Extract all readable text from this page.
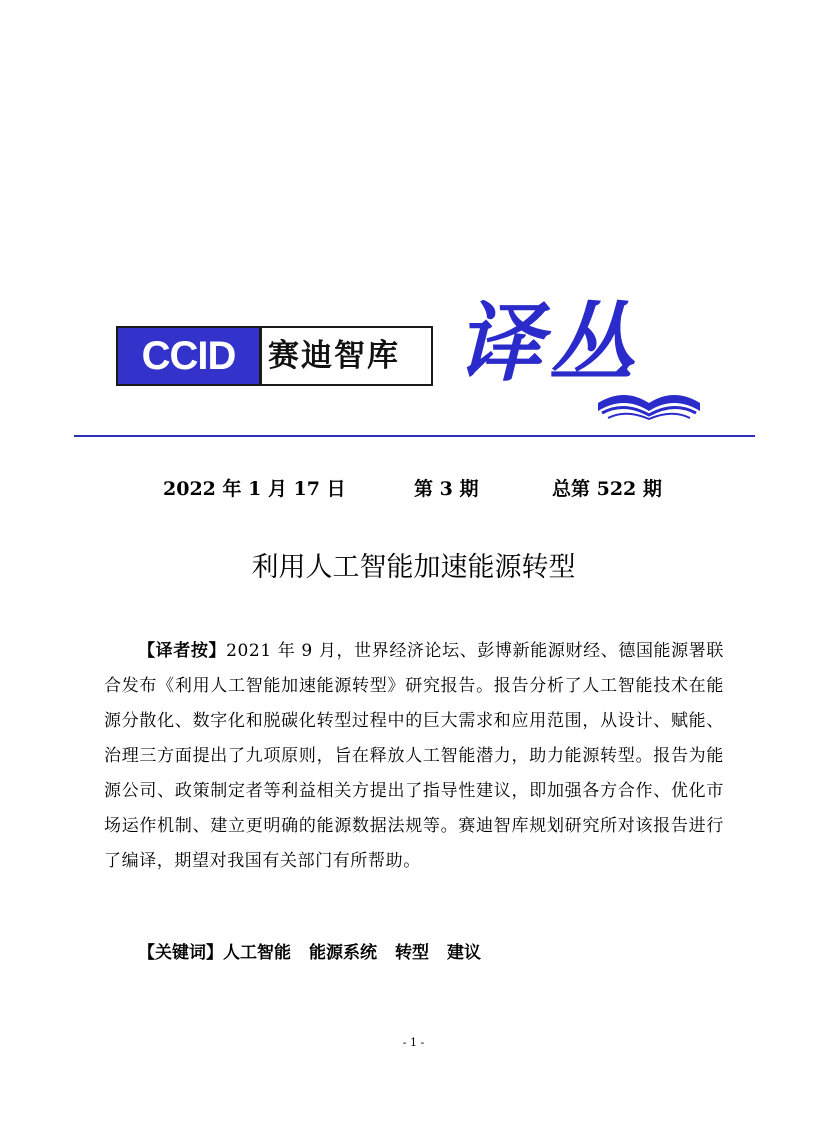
CCID	赛迪智库 译丛
2022 年 1 月 17 日	第 3 期	总第 522 期
利用人工智能加速能源转型
【译者按】2021 年 9 月，世界经济论坛、彭博新能源财经、德国能源署联合发布《利用人工智能加速能源转型》研究报告。报告分析了人工智能技术在能源分散化、数字化和脱碳化转型过程中的巨大需求和应用范围，从设计、赋能、治理三方面提出了九项原则，旨在释放人工智能潜力，助力能源转型。报告为能源公司、政策制定者等利益相关方提出了指导性建议，即加强各方合作、优化市场运作机制、建立更明确的能源数据法规等。赛迪智库规划研究所对该报告进行了编译，期望对我国有关部门有所帮助。
【关键词】人工智能 能源系统 转型 建议
- 1 -
